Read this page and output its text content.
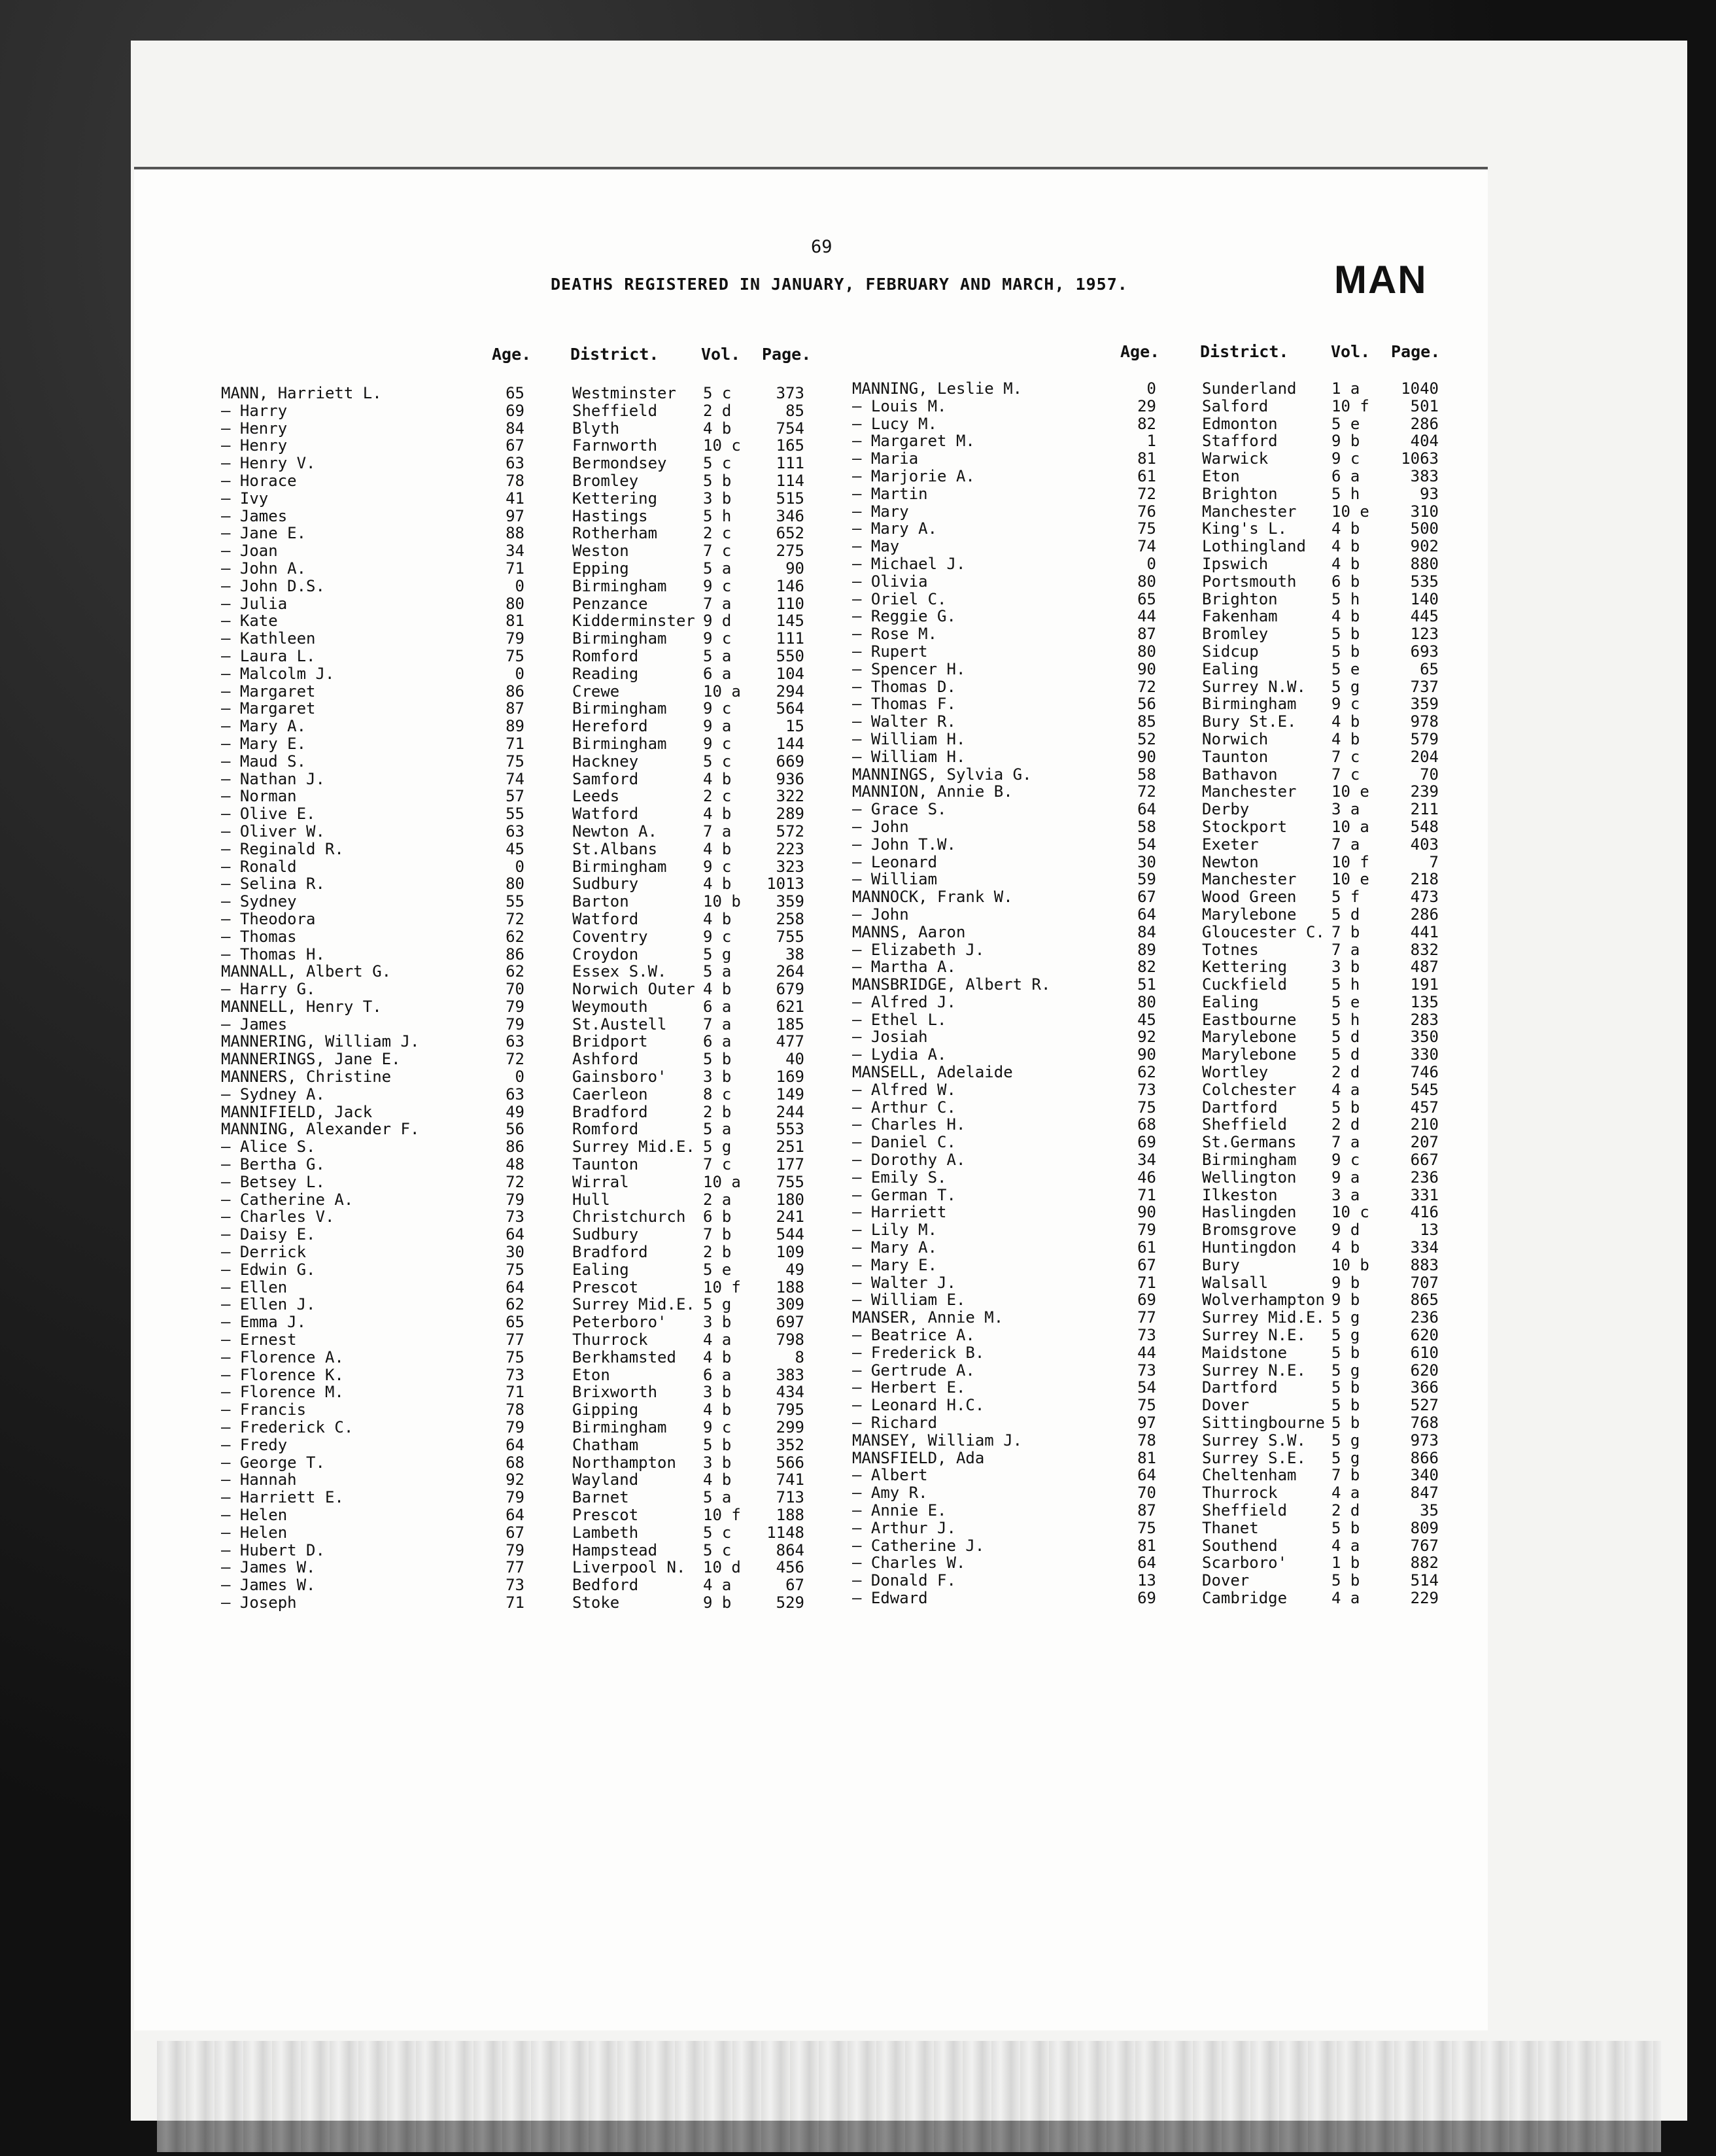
69
DEATHS REGISTERED IN JANUARY, FEBRUARY AND MARCH, 1957.	MAN
Age. District.	Vol. Page.	Age. District.	Vol. Page.
MANN, Harriett L.	65	Westminster 5 c	373
— Harry	69	Sheffield	2 d	85
— Henry	84	Blyth	4 b	754
— Henry	67	Farnworth	10 c	165
— Henry V.	63	Bermondsey 5 c	111
— Horace	78	Bromley	5 b	114
— Ivy	41	Kettering	3 b	515
— James	97	Hastings	5 h	346
— Jane E.	88	Rotherham	2 c	652
— Joan	34	Weston	7 c	275
— John A.	71	Epping	5 a	90
— John D.S.	0	Birmingham 9 c	146
— Julia	80	Penzance	7 a	110
— Kate	81	Kidderminster 9 d	145
— Kathleen	79	Birmingham 9 c	111
— Laura L.	75	Romford	5 a	550
— Malcolm J.	0	Reading	6 a	104
— Margaret	86	Crewe	10 a	294
— Margaret	87	Birmingham 9 c	564
— Mary A.	89	Hereford	9 a	15
— Mary E.	71	Birmingham 9 c	144
— Maud S.	75	Hackney	5 c	669
— Nathan J.	74	Samford	4 b	936
— Norman	57	Leeds	2 c	322
— Olive E.	55	Watford	4 b	289
— Oliver W.	63	Newton A.	7 a	572
— Reginald R.	45	St.Albans	4 b	223
— Ronald	0	Birmingham 9 c	323
— Selina R.	80	Sudbury	4 b	1013
— Sydney	55	Barton	10 b	359
— Theodora	72	Watford	4 b	258
— Thomas	62	Coventry	9 c	755
— Thomas H.	86	Croydon	5 g	38
MANNALL, Albert G.	62	Essex S.W. 5 a	264
— Harry G.	70	Norwich Outer 4 b	679
MANNELL, Henry T.	79	Weymouth	6 a	621
— James	79	St.Austell 7 a	185
MANNERING, William J.	63	Bridport	6 a	477
MANNERINGS, Jane E.	72	Ashford	5 b	40
MANNERS, Christine	0	Gainsboro' 3 b	169
— Sydney A.	63	Caerleon	8 c	149
MANNIFIELD, Jack	49	Bradford	2 b	244
MANNING, Alexander F.	56	Romford	5 a	553
— Alice S.	86	Surrey Mid.E. 5 g	251
— Bertha G.	48	Taunton	7 c	177
— Betsey L.	72	Wirral	10 a	755
— Catherine A.	79	Hull	2 a	180
— Charles V.	73	Christchurch 6 b	241
— Daisy E.	64	Sudbury	7 b	544
— Derrick	30	Bradford	2 b	109
— Edwin G.	75	Ealing	5 e	49
— Ellen	64	Prescot	10 f	188
— Ellen J.	62	Surrey Mid.E. 5 g	309
— Emma J.	65	Peterboro' 3 b	697
— Ernest	77	Thurrock	4 a	798
— Florence A.	75	Berkhamsted 4 b	8
— Florence K.	73	Eton	6 a	383
— Florence M.	71	Brixworth	3 b	434
— Francis	78	Gipping	4 b	795
— Frederick C.	79	Birmingham 9 c	299
— Fredy	64	Chatham	5 b	352
— George T.	68	Northampton 3 b	566
— Hannah	92	Wayland	4 b	741
— Harriett E.	79	Barnet	5 a	713
— Helen	64	Prescot	10 f	188
— Helen	67	Lambeth	5 c	1148
— Hubert D.	79	Hampstead	5 c	864
— James W.	77	Liverpool N. 10 d	456
— James W.	73	Bedford	4 a	67
— Joseph	71	Stoke	9 b	529
MANNING, Leslie M.	0	Sunderland 1 a	1040
— Louis M.	29	Salford	10 f	501
— Lucy M.	82	Edmonton	5 e	286
— Margaret M.	1	Stafford	9 b	404
— Maria	81	Warwick	9 c	1063
— Marjorie A.	61	Eton	6 a	383
— Martin	72	Brighton	5 h	93
— Mary	76	Manchester 10 e	310
— Mary A.	75	King's L.	4 b	500
— May	74	Lothingland 4 b	902
— Michael J.	0	Ipswich	4 b	880
— Olivia	80	Portsmouth 6 b	535
— Oriel C.	65	Brighton	5 h	140
— Reggie G.	44	Fakenham	4 b	445
— Rose M.	87	Bromley	5 b	123
— Rupert	80	Sidcup	5 b	693
— Spencer H.	90	Ealing	5 e	65
— Thomas D.	72	Surrey N.W. 5 g	737
— Thomas F.	56	Birmingham 9 c	359
— Walter R.	85	Bury St.E. 4 b	978
— William H.	52	Norwich	4 b	579
— William H.	90	Taunton	7 c	204
MANNINGS, Sylvia G.	58	Bathavon	7 c	70
MANNION, Annie B.	72	Manchester 10 e	239
— Grace S.	64	Derby	3 a	211
— John	58	Stockport	10 a	548
— John T.W.	54	Exeter	7 a	403
— Leonard	30	Newton	10 f	7
— William	59	Manchester 10 e	218
MANNOCK, Frank W.	67	Wood Green 5 f	473
— John	64	Marylebone 5 d	286
MANNS, Aaron	84	Gloucester C. 7 b	441
— Elizabeth J.	89	Totnes	7 a	832
— Martha A.	82	Kettering	3 b	487
MANSBRIDGE, Albert R.	51	Cuckfield	5 h	191
— Alfred J.	80	Ealing	5 e	135
— Ethel L.	45	Eastbourne 5 h	283
— Josiah	92	Marylebone 5 d	350
— Lydia A.	90	Marylebone 5 d	330
MANSELL, Adelaide	62	Wortley	2 d	746
— Alfred W.	73	Colchester 4 a	545
— Arthur C.	75	Dartford	5 b	457
— Charles H.	68	Sheffield	2 d	210
— Daniel C.	69	St.Germans 7 a	207
— Dorothy A.	34	Birmingham 9 c	667
— Emily S.	46	Wellington 9 a	236
— German T.	71	Ilkeston	3 a	331
— Harriett	90	Haslingden 10 c	416
— Lily M.	79	Bromsgrove 9 d	13
— Mary A.	61	Huntingdon 4 b	334
— Mary E.	67	Bury	10 b	883
— Walter J.	71	Walsall	9 b	707
— William E.	69	Wolverhampton 9 b	865
MANSER, Annie M.	77	Surrey Mid.E. 5 g	236
— Beatrice A.	73	Surrey N.E. 5 g	620
— Frederick B.	44	Maidstone	5 b	610
— Gertrude A.	73	Surrey N.E. 5 g	620
— Herbert E.	54	Dartford	5 b	366
— Leonard H.C.	75	Dover	5 b	527
— Richard	97	Sittingbourne 5 b	768
MANSEY, William J.	78	Surrey S.W. 5 g	973
MANSFIELD, Ada	81	Surrey S.E. 5 g	866
— Albert	64	Cheltenham 7 b	340
— Amy R.	70	Thurrock	4 a	847
— Annie E.	87	Sheffield	2 d	35
— Arthur J.	75	Thanet	5 b	809
— Catherine J.	81	Southend	4 a	767
— Charles W.	64	Scarboro'	1 b	882
— Donald F.	13	Dover	5 b	514
— Edward	69	Cambridge	4 a	229
